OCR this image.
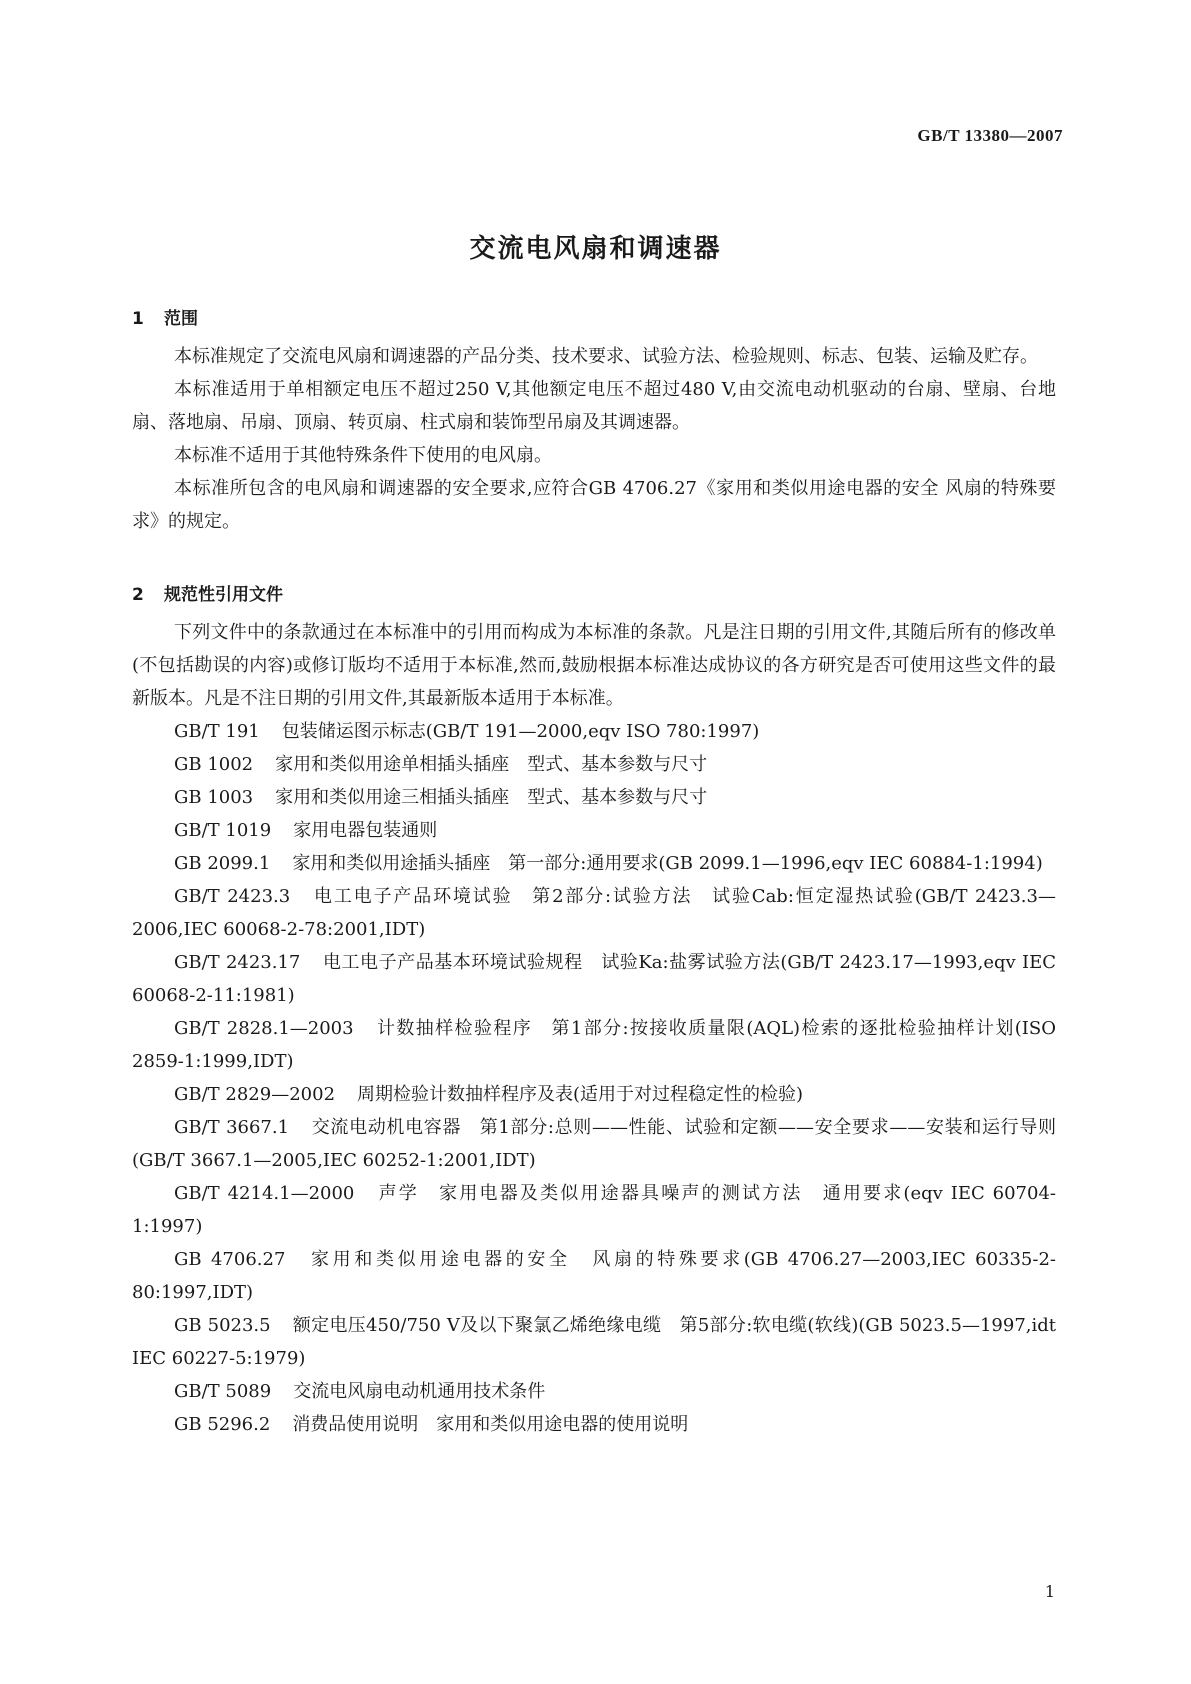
GB/T 13380—2007
交流电风扇和调速器
1 范围

本标准规定了交流电风扇和调速器的产品分类、技术要求、试验方法、检验规则、标志、包装、运输及贮存。

本标准适用于单相额定电压不超过250 V,其他额定电压不超过480 V,由交流电动机驱动的台扇、壁扇、台地扇、落地扇、吊扇、顶扇、转页扇、柱式扇和装饰型吊扇及其调速器。

本标准不适用于其他特殊条件下使用的电风扇。

本标准所包含的电风扇和调速器的安全要求,应符合GB 4706.27《家用和类似用途电器的安全 风扇的特殊要求》的规定。

2 规范性引用文件

下列文件中的条款通过在本标准中的引用而构成为本标准的条款。凡是注日期的引用文件,其随后所有的修改单(不包括勘误的内容)或修订版均不适用于本标准,然而,鼓励根据本标准达成协议的各方研究是否可使用这些文件的最新版本。凡是不注日期的引用文件,其最新版本适用于本标准。

GB/T 191 包装储运图示标志(GB/T 191—2000,eqv ISO 780:1997)

GB 1002 家用和类似用途单相插头插座　型式、基本参数与尺寸

GB 1003 家用和类似用途三相插头插座　型式、基本参数与尺寸

GB/T 1019 家用电器包装通则

GB 2099.1 家用和类似用途插头插座　第一部分:通用要求(GB 2099.1—1996,eqv IEC 60884-1:1994)

GB/T 2423.3 电工电子产品环境试验　第2部分:试验方法　试验Cab:恒定湿热试验(GB/T 2423.3—2006,IEC 60068-2-78:2001,IDT)

GB/T 2423.17 电工电子产品基本环境试验规程　试验Ka:盐雾试验方法(GB/T 2423.17—1993,eqv IEC 60068-2-11:1981)

GB/T 2828.1—2003 计数抽样检验程序　第1部分:按接收质量限(AQL)检索的逐批检验抽样计划(ISO 2859-1:1999,IDT)

GB/T 2829—2002 周期检验计数抽样程序及表(适用于对过程稳定性的检验)

GB/T 3667.1 交流电动机电容器　第1部分:总则——性能、试验和定额——安全要求——安装和运行导则(GB/T 3667.1—2005,IEC 60252-1:2001,IDT)

GB/T 4214.1—2000 声学　家用电器及类似用途器具噪声的测试方法　通用要求(eqv IEC 60704-1:1997)

GB 4706.27 家用和类似用途电器的安全　风扇的特殊要求(GB 4706.27—2003,IEC 60335-2-80:1997,IDT)

GB 5023.5 额定电压450/750 V及以下聚氯乙烯绝缘电缆　第5部分:软电缆(软线)(GB 5023.5—1997,idt IEC 60227-5:1979)

GB/T 5089 交流电风扇电动机通用技术条件

GB 5296.2 消费品使用说明　家用和类似用途电器的使用说明

1
